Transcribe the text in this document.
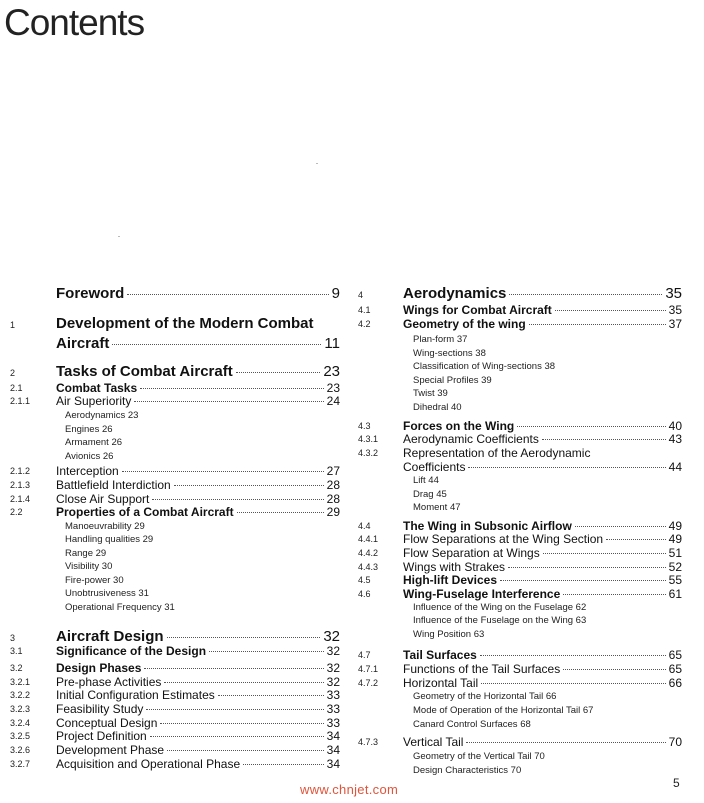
Contents
Foreword	9
1	Development of the Modern Combat
Aircraft	11
2	Tasks of Combat Aircraft	23
2.1	Combat Tasks	23
2.1.1 Air Superiority	24
Aerodynamics 23
Engines 26
Armament 26
Avionics 26
2.1.2 Interception	27
2.1.3 Battlefield Interdiction	28
2.1.4 Close Air Support	28
2.2	Properties of a Combat Aircraft	29
Manoeuvrability 29
Handling qualities 29
Range 29
Visibility 30
Fire-power 30
Unobtrusiveness 31
Operational Frequency 31
3	Aircraft Design	32
3.1	Significance of the Design	32
3.2	Design Phases	32
3.2.1 Pre-phase Activities	32
3.2.2 Initial Configuration Estimates	33
3.2.3 Feasibility Study	33
3.2.4 Conceptual Design	33
3.2.5 Project Definition	34
3.2.6 Development Phase	34
3.2.7 Acquisition and Operational Phase	34
4	Aerodynamics	35
4.1	Wings for Combat Aircraft	35
4.2	Geometry of the wing	37
Plan-form 37
Wing-sections 38
Classification of Wing-sections 38
Special Profiles 39
Twist 39
Dihedral 40
4.3	Forces on the Wing	40
4.3.1 Aerodynamic Coefficients	43
4.3.2 Representation of the Aerodynamic
Coefficients	44
Lift 44
Drag 45
Moment 47
4.4	The Wing in Subsonic Airflow	49
4.4.1 Flow Separations at the Wing Section	49
4.4.2 Flow Separation at Wings	51
4.4.3 Wings with Strakes	52
4.5	High-lift Devices	55
4.6	Wing-Fuselage Interference	61
Influence of the Wing on the Fuselage 62
Influence of the Fuselage on the Wing 63
Wing Position 63
4.7	Tail Surfaces	65
4.7.1 Functions of the Tail Surfaces	65
4.7.2 Horizontal Tail	66
Geometry of the Horizontal Tail 66
Mode of Operation of the Horizontal Tail 67
Canard Control Surfaces 68
4.7.3 Vertical Tail	70
Geometry of the Vertical Tail 70
Design Characteristics 70
5
www.chnjet.com
